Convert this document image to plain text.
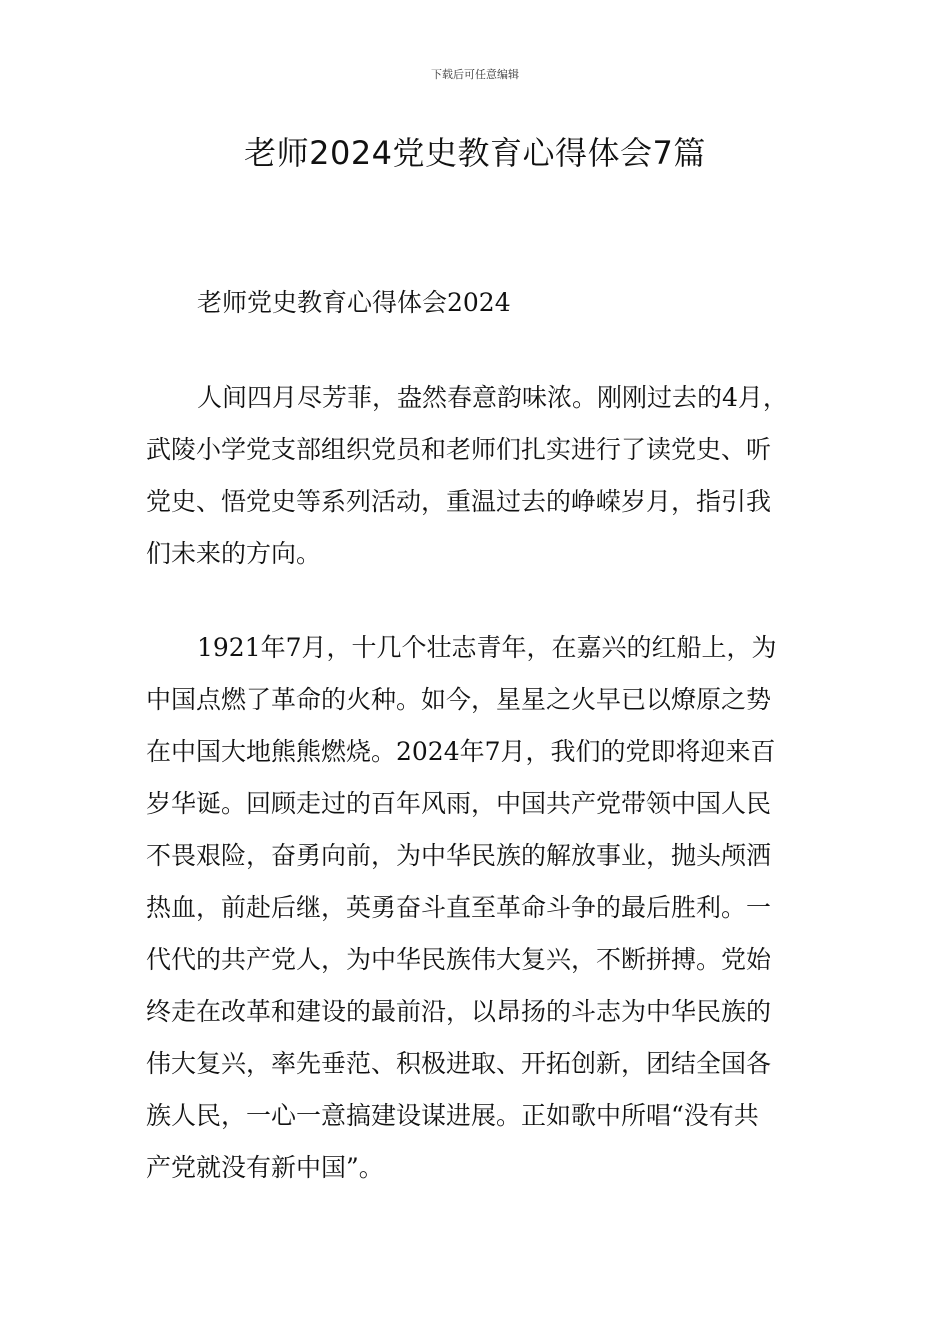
下载后可任意编辑
老师2024党史教育心得体会7篇
老师党史教育心得体会2024
人间四月尽芳菲，盎然春意韵味浓。刚刚过去的4月，
武陵小学党支部组织党员和老师们扎实进行了读党史、听
党史、悟党史等系列活动，重温过去的峥嵘岁月，指引我
们未来的方向。
1921年7月，十几个壮志青年，在嘉兴的红船上，为
中国点燃了革命的火种。如今，星星之火早已以燎原之势
在中国大地熊熊燃烧。2024年7月，我们的党即将迎来百
岁华诞。回顾走过的百年风雨，中国共产党带领中国人民
不畏艰险，奋勇向前，为中华民族的解放事业，抛头颅洒
热血，前赴后继，英勇奋斗直至革命斗争的最后胜利。一
代代的共产党人，为中华民族伟大复兴，不断拼搏。党始
终走在改革和建设的最前沿，以昂扬的斗志为中华民族的
伟大复兴，率先垂范、积极进取、开拓创新，团结全国各
族人民，一心一意搞建设谋进展。正如歌中所唱“没有共
产党就没有新中国”。
